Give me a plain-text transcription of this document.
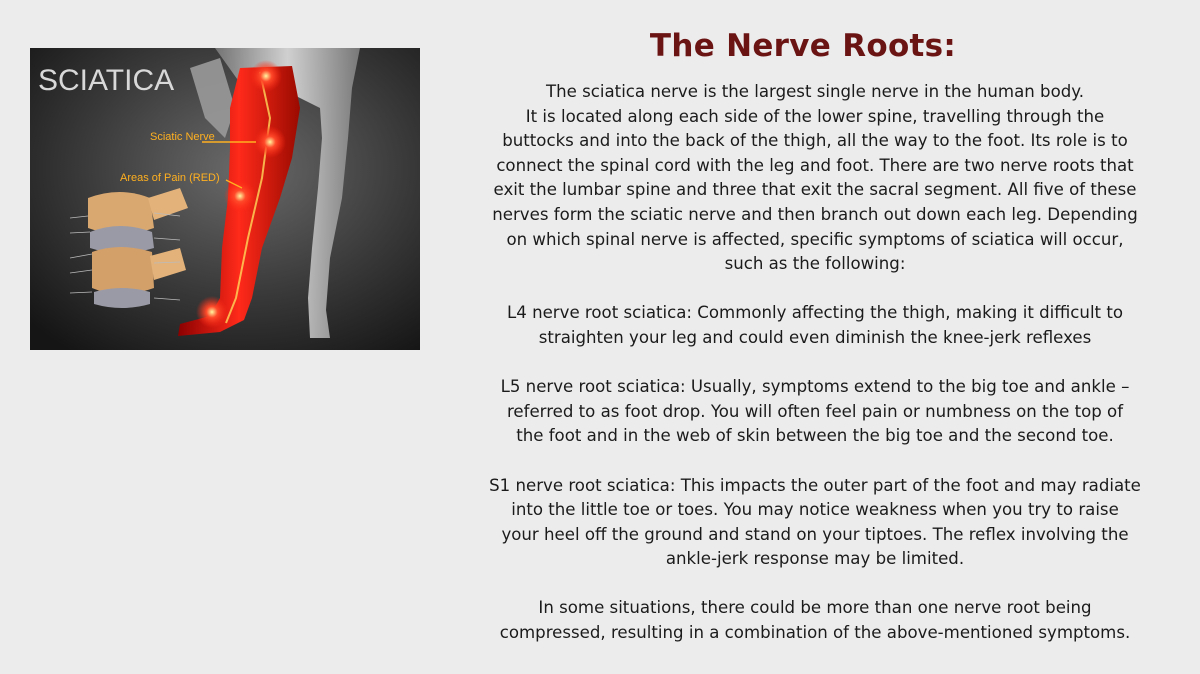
SCIATICA
Sciatic Nerve
Areas of Pain (RED)
The Nerve Roots:

The sciatica nerve is the largest single nerve in the human body.
It is located along each side of the lower spine, travelling through the
buttocks and into the back of the thigh, all the way to the foot. Its role is to
connect the spinal cord with the leg and foot. There are two nerve roots that
exit the lumbar spine and three that exit the sacral segment. All five of these
nerves form the sciatic nerve and then branch out down each leg. Depending
on which spinal nerve is affected, specific symptoms of sciatica will occur,
such as the following:

L4 nerve root sciatica: Commonly affecting the thigh, making it difficult to
straighten your leg and could even diminish the knee-jerk reflexes

L5 nerve root sciatica: Usually, symptoms extend to the big toe and ankle –
referred to as foot drop. You will often feel pain or numbness on the top of
the foot and in the web of skin between the big toe and the second toe.

S1 nerve root sciatica: This impacts the outer part of the foot and may radiate
into the little toe or toes. You may notice weakness when you try to raise
your heel off the ground and stand on your tiptoes. The reflex involving the
ankle-jerk response may be limited.

In some situations, there could be more than one nerve root being
compressed, resulting in a combination of the above-mentioned symptoms.
